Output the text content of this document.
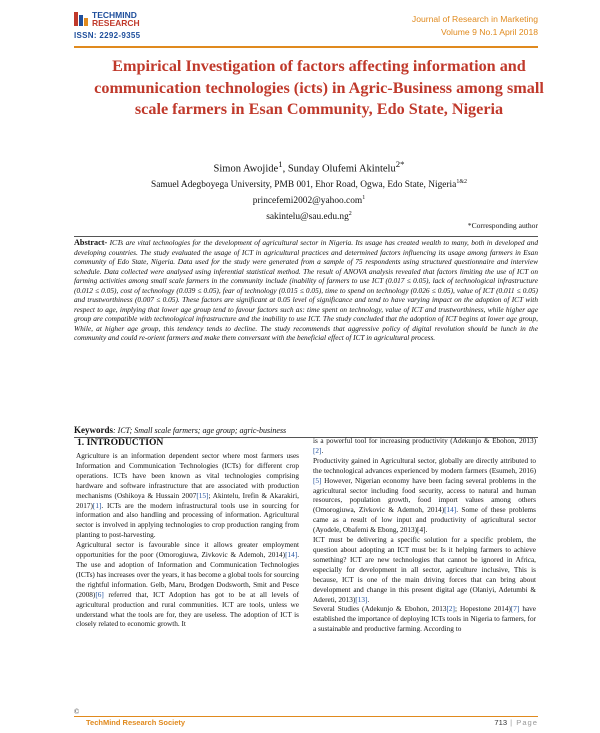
TECHMIND
RESEARCH
ISSN: 2292-9355
Journal of Research in Marketing
Volume 9 No.1 April 2018
Empirical Investigation of factors affecting information and communication technologies (icts) in Agric-Business among small scale farmers in Esan Community, Edo State, Nigeria
Simon Awojide$^1$, Sunday Olufemi Akintelu$^{2*}$
Samuel Adegboyega University, PMB 001, Ehor Road, Ogwa, Edo State, Nigeria$^{1\&2}$
princefemi2002@yahoo.com$^1$
$sakintelu@sau.edu.ng^2$
*Corresponding author

Abstract- ICTs are vital technologies for the development of agricultural sector in Nigeria. Its usage has created wealth to many, both in developed and developing countries. The study evaluated the usage of ICT in agricultural practices and determined factors influencing its usage among farmers in Esan community of Edo State, Nigeria. Data used for the study were generated from a sample of 75 respondents using structured questionnaire and interview schedule. Data collected were analysed using inferential statistical method. The result of ANOVA analysis revealed that factors limiting the use of ICT on farming activities among small scale farmers in the community include (inability of farmers to use ICT (0.017 ≤ 0.05), lack of technological infrastructure (0.012 ≤ 0.05), cost of technology (0.039 ≤ 0.05), fear of technology (0.015 ≤ 0.05), time to spend on technology (0.026 ≤ 0.05), value of ICT (0.011 ≤ 0.05) and trustworthiness (0.007 ≤ 0.05). These factors are significant at 0.05 level of significance and tend to have varying impact on the adoption of ICT with respect to age, implying that lower age group tend to favour factors such as: time spent on technology, value of ICT and trustworthiness, while higher age group are compatible with technological infrastructure and the inability to use ICT. The study concluded that the adoption of ICT begins at lower age group, While, at higher age group, this tendency tends to decline. The study recommends that aggressive policy of digital revolution should be lunch in the community and could re-orient farmers and make them conversant with the beneficial effect of ICT in agricultural process.

Keywords: ICT; Small scale farmers; age group; agric-business
1. INTRODUCTION

Agriculture is an information dependent sector where most farmers uses Information and Communication Technologies (ICTs) for different crop operations. ICTs have been known as vital technologies comprising hardware and software infrastructure that are associated with production mechanisms (Oshikoya & Hussain 2007[15]; Akintelu, Irefin & Akarakiri, 2017)[1]. ICTs are the modern infrastructural tools use in sourcing for information and also handling and processing of information. Agricultural sector is involved in applying technologies to crop production ranging from planting to post-harvesting.

Agricultural sector is favourable since it allows greater employment opportunities for the poor (Omorogiuwa, Zivkovic & Ademoh, 2014)[14]. The use and adoption of Information and Communication Technologies (ICTs) has increases over the years, it has become a global tools for sourcing the rightful information. Gelb, Maru, Brodgen Dodsworth, Smit and Pesce (2008)[6] referred that, ICT Adoption has got to be at all levels of agricultural production and rural communities. ICT are tools, unless we understand what the tools are for, they are useless. The adoption of ICT is closely related to economic growth. It

is a powerful tool for increasing productivity (Adekunjo & Ebohon, 2013)[2].

Productivity gained in Agricultural sector, globally are directly attributed to the technological advances experienced by modern farmers (Esumeh, 2016)[5] However, Nigerian economy have been facing several problems in the agricultural sector including food security, access to natural and human resources, population growth, food import values among others (Omorogiuwa, Zivkovic & Ademoh, 2014)[14]. Some of these problems came as a result of low input and productivity of agricultural sector (Ayodele, Obafemi & Ebong, 2013)[4].

ICT must be delivering a specific solution for a specific problem, the question about adopting an ICT must be: Is it helping farmers to achieve something? ICT are new technologies that cannot be ignored in Africa, especially for development in all sector, agriculture inclusive, This is because, ICT is one of the main driving forces that can bring about development and change in this present digital age (Olaniyi, Adetumbi & Adereti, 2013)[13].

Several Studies (Adekunjo & Ebohon, 2013[2]; Hopestone 2014)[7] have established the importance of deploying ICTs tools in Nigeria to farmers, for a sustainable and productive farming. According to

©
TechMind Research Society	713 | Page
